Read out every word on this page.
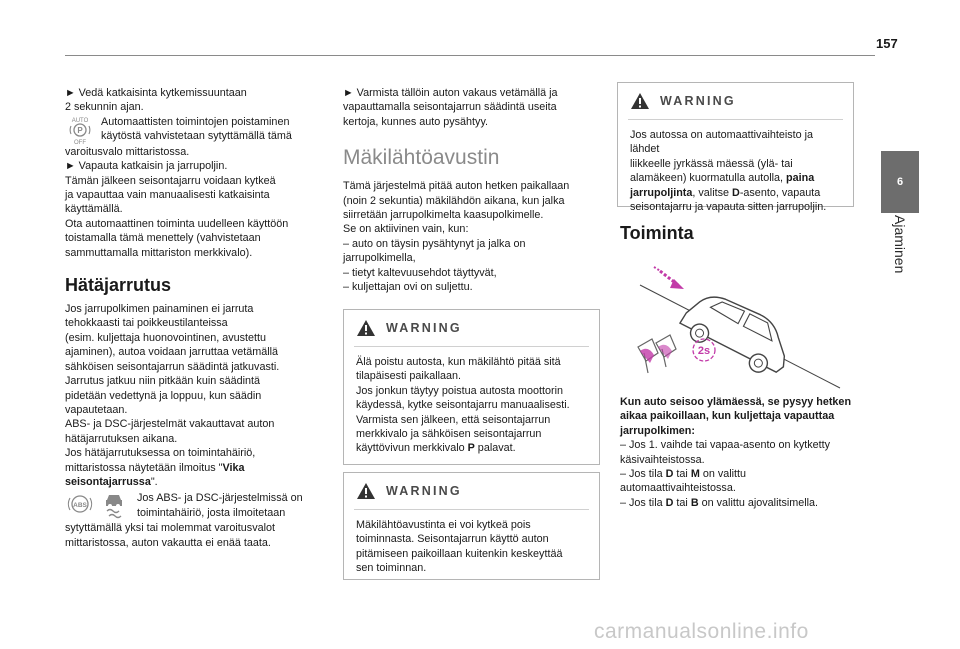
157
6
Ajaminen

► Vedä katkaisinta kytkemissuuntaan

2 sekunnin ajan.

AUTO
P
OFF

Automaattisten toimintojen poistaminen

käytöstä vahvistetaan sytyttämällä tämä

varoitusvalo mittaristossa.

► Vapauta katkaisin ja jarrupoljin.

Tämän jälkeen seisontajarru voidaan kytkeä

ja vapauttaa vain manuaalisesti katkaisinta

käyttämällä.

Ota automaattinen toiminta uudelleen käyttöön

toistamalla tämä menettely (vahvistetaan

sammuttamalla mittariston merkkivalo).

Hätäjarrutus

Jos jarrupolkimen painaminen ei jarruta

tehokkaasti tai poikkeustilanteissa

(esim. kuljettaja huonovointinen, avustettu

ajaminen), autoa voidaan jarruttaa vetämällä

sähköisen seisontajarrun säädintä jatkuvasti.

Jarrutus jatkuu niin pitkään kuin säädintä

pidetään vedettynä ja loppuu, kun säädin

vapautetaan.

ABS- ja DSC-järjestelmät vakauttavat auton

hätäjarrutuksen aikana.

Jos hätäjarrutuksessa on toimintahäiriö,

mittaristossa näytetään ilmoitus "Vika

seisontajarrussa".

ABS

Jos ABS- ja DSC-järjestelmissä on

toimintahäiriö, josta ilmoitetaan

sytyttämällä yksi tai molemmat varoitusvalot

mittaristossa, auton vakautta ei enää taata.

► Varmista tällöin auton vakaus vetämällä ja

vapauttamalla seisontajarrun säädintä useita

kertoja, kunnes auto pysähtyy.

Mäkilähtöavustin

Tämä järjestelmä pitää auton hetken paikallaan

(noin 2 sekuntia) mäkilähdön aikana, kun jalka

siirretään jarrupolkimelta kaasupolkimelle.

Se on aktiivinen vain, kun:

– auto on täysin pysähtynyt ja jalka on

jarrupolkimella,

– tietyt kaltevuusehdot täyttyvät,

– kuljettajan ovi on suljettu.

WARNING

Älä poistu autosta, kun mäkilähtö pitää sitä

tilapäisesti paikallaan.

Jos jonkun täytyy poistua autosta moottorin

käydessä, kytke seisontajarru manuaalisesti.

Varmista sen jälkeen, että seisontajarrun

merkkivalo ja sähköisen seisontajarrun

käyttövivun merkkivalo P palavat.

WARNING

Mäkilähtöavustinta ei voi kytkeä pois

toiminnasta. Seisontajarrun käyttö auton

pitämiseen paikoillaan kuitenkin keskeyttää

sen toiminnan.

WARNING

Jos autossa on automaattivaihteisto ja lähdet

liikkeelle jyrkässä mäessä (ylä- tai

alamäkeen) kuormatulla autolla, paina

jarrupoljinta, valitse D-asento, vapauta

seisontajarru ja vapauta sitten jarrupoljin.

Toiminta
2s

Kun auto seisoo ylämäessä, se pysyy hetken

aikaa paikoillaan, kun kuljettaja vapauttaa

jarrupolkimen:

– Jos 1. vaihde tai vapaa-asento on kytketty

käsivaihteistossa.

– Jos tila D tai M on valittu

automaattivaihteistossa.

– Jos tila D tai B on valittu ajovalitsimella.

carmanualsonline.info
